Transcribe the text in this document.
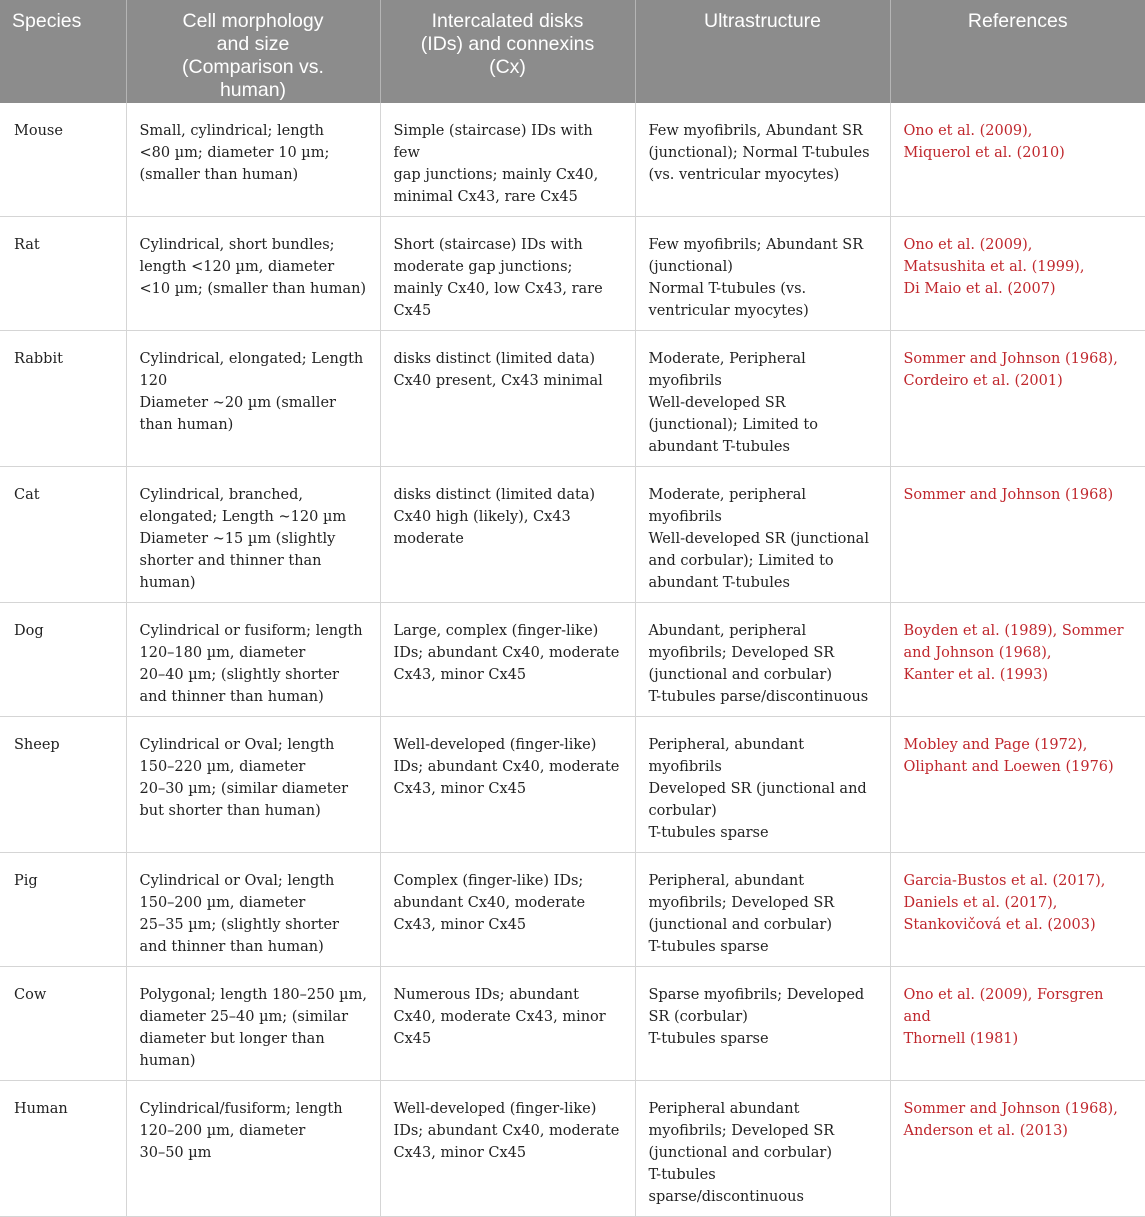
Species	Cell morphology
and size
(Comparison vs.
human)	Intercalated disks
(IDs) and connexins
(Cx)	Ultrastructure	References
Mouse	Small, cylindrical; length
<80 µm; diameter 10 µm;
(smaller than human)	Simple (staircase) IDs with few
gap junctions; mainly Cx40,
minimal Cx43, rare Cx45	Few myofibrils, Abundant SR
(junctional); Normal T-tubules
(vs. ventricular myocytes)	Ono et al. (2009),
Miquerol et al. (2010)
Rat	Cylindrical, short bundles;
length <120 µm, diameter
<10 µm; (smaller than human)	Short (staircase) IDs with
moderate gap junctions;
mainly Cx40, low Cx43, rare
Cx45	Few myofibrils; Abundant SR
(junctional)
Normal T-tubules (vs.
ventricular myocytes)	Ono et al. (2009),
Matsushita et al. (1999),
Di Maio et al. (2007)
Rabbit	Cylindrical, elongated; Length
120
Diameter ~20 µm (smaller
than human)	disks distinct (limited data)
Cx40 present, Cx43 minimal	Moderate, Peripheral
myofibrils
Well-developed SR
(junctional); Limited to
abundant T-tubules	Sommer and Johnson (1968),
Cordeiro et al. (2001)
Cat	Cylindrical, branched,
elongated; Length ~120 µm
Diameter ~15 µm (slightly
shorter and thinner than
human)	disks distinct (limited data)
Cx40 high (likely), Cx43
moderate	Moderate, peripheral
myofibrils
Well-developed SR (junctional
and corbular); Limited to
abundant T-tubules	Sommer and Johnson (1968)
Dog	Cylindrical or fusiform; length
120–180 µm, diameter
20–40 µm; (slightly shorter
and thinner than human)	Large, complex (finger-like)
IDs; abundant Cx40, moderate
Cx43, minor Cx45	Abundant, peripheral
myofibrils; Developed SR
(junctional and corbular)
T-tubules parse/discontinuous	Boyden et al. (1989), Sommer
and Johnson (1968),
Kanter et al. (1993)
Sheep	Cylindrical or Oval; length
150–220 µm, diameter
20–30 µm; (similar diameter
but shorter than human)	Well-developed (finger-like)
IDs; abundant Cx40, moderate
Cx43, minor Cx45	Peripheral, abundant
myofibrils
Developed SR (junctional and
corbular)
T-tubules sparse	Mobley and Page (1972),
Oliphant and Loewen (1976)
Pig	Cylindrical or Oval; length
150–200 µm, diameter
25–35 µm; (slightly shorter
and thinner than human)	Complex (finger-like) IDs;
abundant Cx40, moderate
Cx43, minor Cx45	Peripheral, abundant
myofibrils; Developed SR
(junctional and corbular)
T-tubules sparse	Garcia-Bustos et al. (2017),
Daniels et al. (2017),
Stankovičová et al. (2003)
Cow	Polygonal; length 180–250 µm,
diameter 25–40 µm; (similar
diameter but longer than
human)	Numerous IDs; abundant
Cx40, moderate Cx43, minor
Cx45	Sparse myofibrils; Developed
SR (corbular)
T-tubules sparse	Ono et al. (2009), Forsgren and
Thornell (1981)
Human	Cylindrical/fusiform; length
120–200 µm, diameter
30–50 µm	Well-developed (finger-like)
IDs; abundant Cx40, moderate
Cx43, minor Cx45	Peripheral abundant
myofibrils; Developed SR
(junctional and corbular)
T-tubules
sparse/discontinuous	Sommer and Johnson (1968),
Anderson et al. (2013)
